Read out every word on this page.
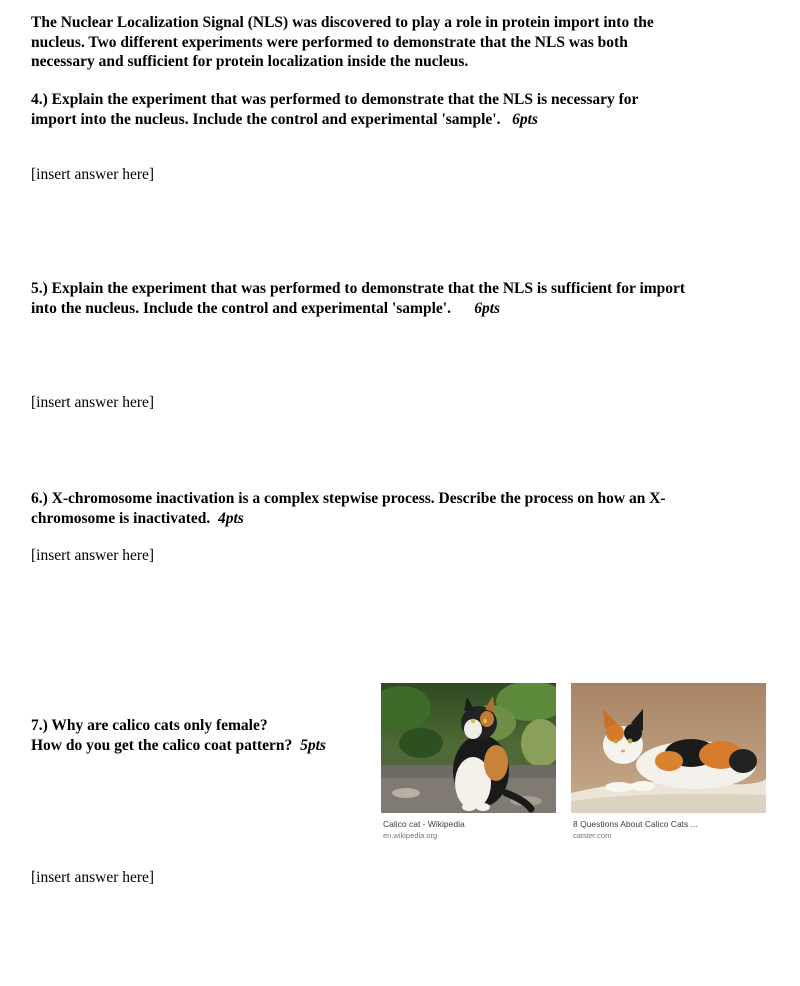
The Nuclear Localization Signal (NLS) was discovered to play a role in protein import into the
nucleus. Two different experiments were performed to demonstrate that the NLS was both
necessary and sufficient for protein localization inside the nucleus.
4.) Explain the experiment that was performed to demonstrate that the NLS is necessary for
import into the nucleus. Include the control and experimental 'sample'. 6pts
[insert answer here]
5.) Explain the experiment that was performed to demonstrate that the NLS is sufficient for import
into the nucleus. Include the control and experimental 'sample'. 6pts
[insert answer here]
6.) X-chromosome inactivation is a complex stepwise process. Describe the process on how an X-
chromosome is inactivated. 4pts
[insert answer here]
7.) Why are calico cats only female?
How do you get the calico coat pattern? 5pts
[insert answer here]
Calico cat - Wikipedia
en.wikipedia.org
8 Questions About Calico Cats ...
catster.com
